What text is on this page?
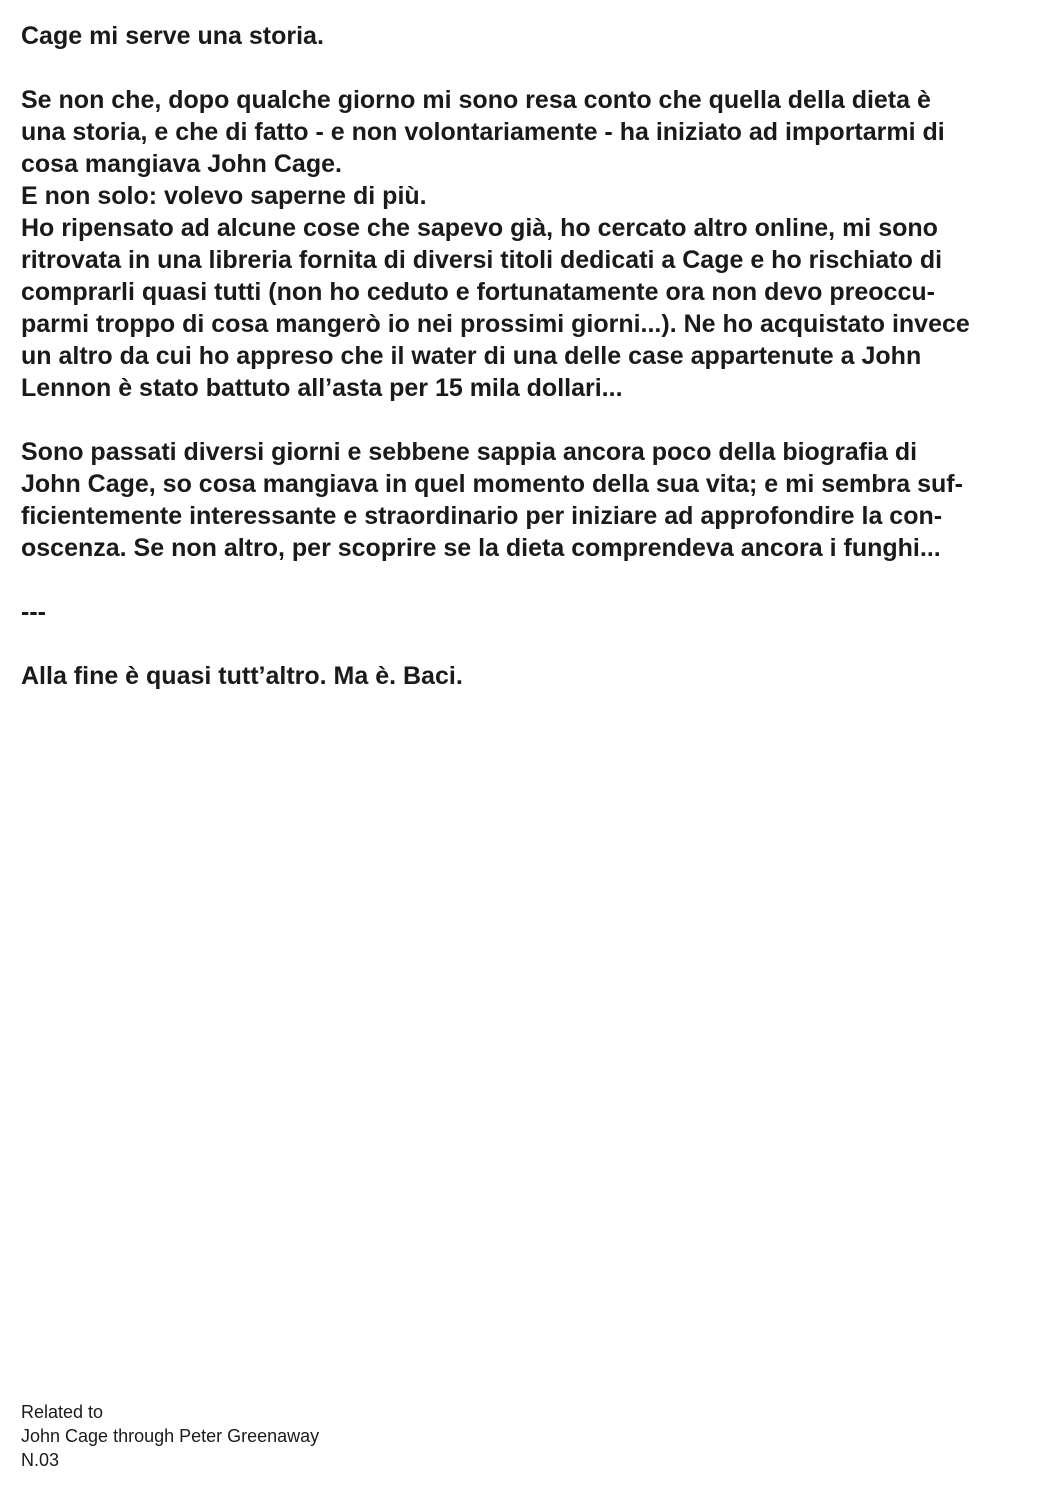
Cage mi serve una storia.
Se non che, dopo qualche giorno mi sono resa conto che quella della dieta è
una storia, e che di fatto - e non volontariamente - ha iniziato ad importarmi di
cosa mangiava John Cage.
E non solo: volevo saperne di più.
Ho ripensato ad alcune cose che sapevo già, ho cercato altro online, mi sono
ritrovata in una libreria fornita di diversi titoli dedicati a Cage e ho rischiato di
comprarli quasi tutti (non ho ceduto e fortunatamente ora non devo preoccu-
parmi troppo di cosa mangerò io nei prossimi giorni...). Ne ho acquistato invece
un altro da cui ho appreso che il water di una delle case appartenute a John
Lennon è stato battuto all’asta per 15 mila dollari...
Sono passati diversi giorni e sebbene sappia ancora poco della biografia di
John Cage, so cosa mangiava in quel momento della sua vita; e mi sembra suf-
ficientemente interessante e straordinario per iniziare ad approfondire la con-
oscenza. Se non altro, per scoprire se la dieta comprendeva ancora i funghi...
---
Alla fine è quasi tutt’altro. Ma è. Baci.
Related to
John Cage through Peter Greenaway
N.03
